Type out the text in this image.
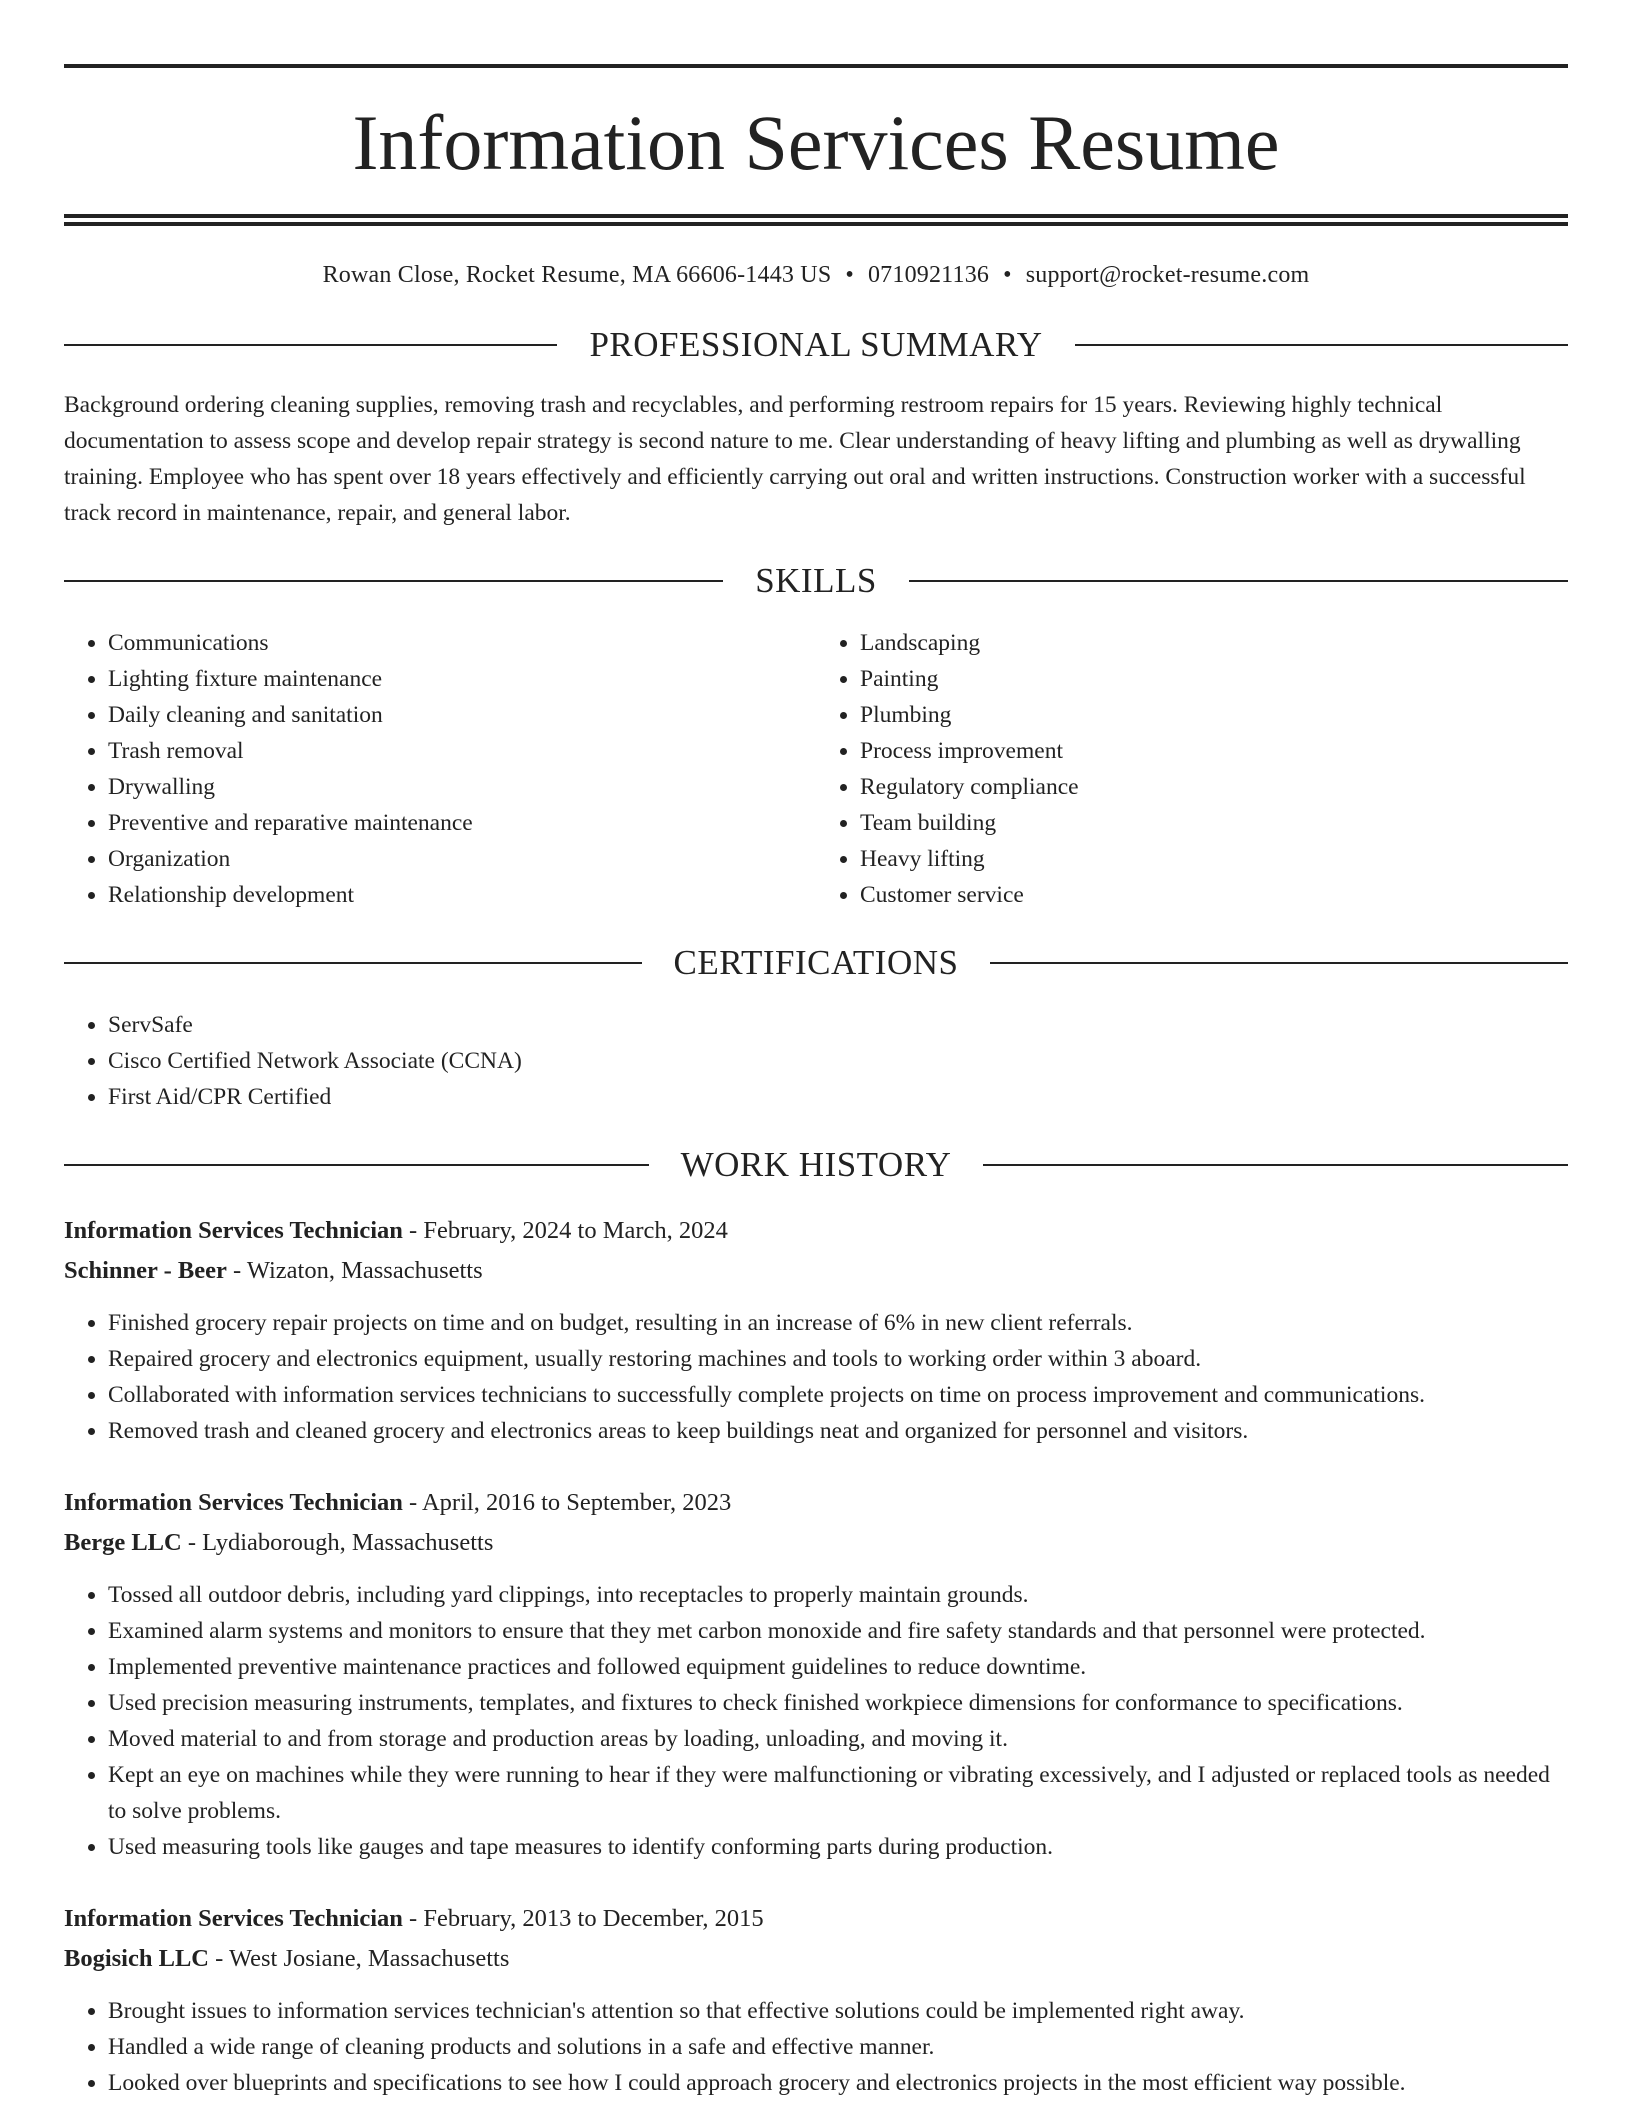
Information Services Resume
Rowan Close, Rocket Resume, MA 66606-1443 US • 0710921136 • support@rocket-resume.com
PROFESSIONAL SUMMARY
Background ordering cleaning supplies, removing trash and recyclables, and performing restroom repairs for 15 years. Reviewing highly technical documentation to assess scope and develop repair strategy is second nature to me. Clear understanding of heavy lifting and plumbing as well as drywalling training. Employee who has spent over 18 years effectively and efficiently carrying out oral and written instructions. Construction worker with a successful track record in maintenance, repair, and general labor.
SKILLS
• Communications
• Lighting fixture maintenance
• Daily cleaning and sanitation
• Trash removal
• Drywalling
• Preventive and reparative maintenance
• Organization
• Relationship development
• Landscaping
• Painting
• Plumbing
• Process improvement
• Regulatory compliance
• Team building
• Heavy lifting
• Customer service
CERTIFICATIONS
• ServSafe
• Cisco Certified Network Associate (CCNA)
• First Aid/CPR Certified
WORK HISTORY
Information Services Technician - February, 2024 to March, 2024
Schinner - Beer - Wizaton, Massachusetts
• Finished grocery repair projects on time and on budget, resulting in an increase of 6% in new client referrals.
• Repaired grocery and electronics equipment, usually restoring machines and tools to working order within 3 aboard.
• Collaborated with information services technicians to successfully complete projects on time on process improvement and communications.
• Removed trash and cleaned grocery and electronics areas to keep buildings neat and organized for personnel and visitors.
Information Services Technician - April, 2016 to September, 2023
Berge LLC - Lydiaborough, Massachusetts
• Tossed all outdoor debris, including yard clippings, into receptacles to properly maintain grounds.
• Examined alarm systems and monitors to ensure that they met carbon monoxide and fire safety standards and that personnel were protected.
• Implemented preventive maintenance practices and followed equipment guidelines to reduce downtime.
• Used precision measuring instruments, templates, and fixtures to check finished workpiece dimensions for conformance to specifications.
• Moved material to and from storage and production areas by loading, unloading, and moving it.
• Kept an eye on machines while they were running to hear if they were malfunctioning or vibrating excessively, and I adjusted or replaced tools as needed to solve problems.
• Used measuring tools like gauges and tape measures to identify conforming parts during production.
Information Services Technician - February, 2013 to December, 2015
Bogisich LLC - West Josiane, Massachusetts
• Brought issues to information services technician's attention so that effective solutions could be implemented right away.
• Handled a wide range of cleaning products and solutions in a safe and effective manner.
• Looked over blueprints and specifications to see how I could approach grocery and electronics projects in the most efficient way possible.
